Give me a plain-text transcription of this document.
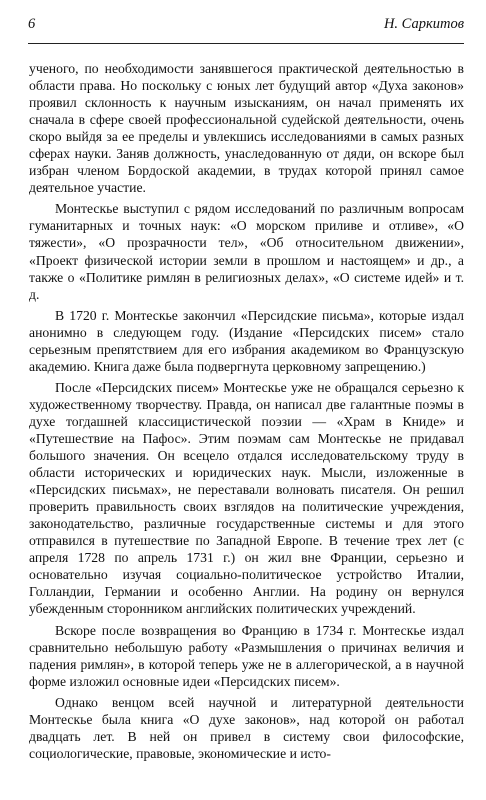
6	Н. Саркитов

ученого, по необходимости занявшегося практической деятельностью в области права. Но поскольку с юных лет будущий автор «Духа законов» проявил склонность к научным изысканиям, он начал применять их сначала в сфере своей профессиональной судейской деятельности, очень скоро выйдя за ее пределы и увлекшись исследованиями в самых разных сферах науки. Заняв должность, унаследованную от дяди, он вскоре был избран членом Бордоской академии, в трудах которой принял самое деятельное участие.

Монтескье выступил с рядом исследований по различным вопросам гуманитарных и точных наук: «О морском приливе и отливе», «О тяжести», «О прозрачности тел», «Об относительном движении», «Проект физической истории земли в прошлом и настоящем» и др., а также о «Политике римлян в религиозных делах», «О системе идей» и т. д.

В 1720 г. Монтескье закончил «Персидские письма», которые издал анонимно в следующем году. (Издание «Персидских писем» стало серьезным препятствием для его избрания академиком во Французскую академию. Книга даже была подвергнута церковному запрещению.)

После «Персидских писем» Монтескье уже не обращался серьезно к художественному творчеству. Правда, он написал две галантные поэмы в духе тогдашней классицистической поэзии — «Храм в Книде» и «Путешествие на Пафос». Этим поэмам сам Монтескье не придавал большого значения. Он всецело отдался исследовательскому труду в области исторических и юридических наук. Мысли, изложенные в «Персидских письмах», не переставали волновать писателя. Он решил проверить правильность своих взглядов на политические учреждения, законодательство, различные государственные системы и для этого отправился в путешествие по Западной Европе. В течение трех лет (с апреля 1728 по апрель 1731 г.) он жил вне Франции, серьезно и основательно изучая социально-политическое устройство Италии, Голландии, Германии и особенно Англии. На родину он вернулся убежденным сторонником английских политических учреждений.

Вскоре после возвращения во Францию в 1734 г. Монтескье издал сравнительно небольшую работу «Размышления о причинах величия и падения римлян», в которой теперь уже не в аллегорической, а в научной форме изложил основные идеи «Персидских писем».

Однако венцом всей научной и литературной деятельности Монтескье была книга «О духе законов», над которой он работал двадцать лет. В ней он привел в систему свои философские, социологические, правовые, экономические и исто-
